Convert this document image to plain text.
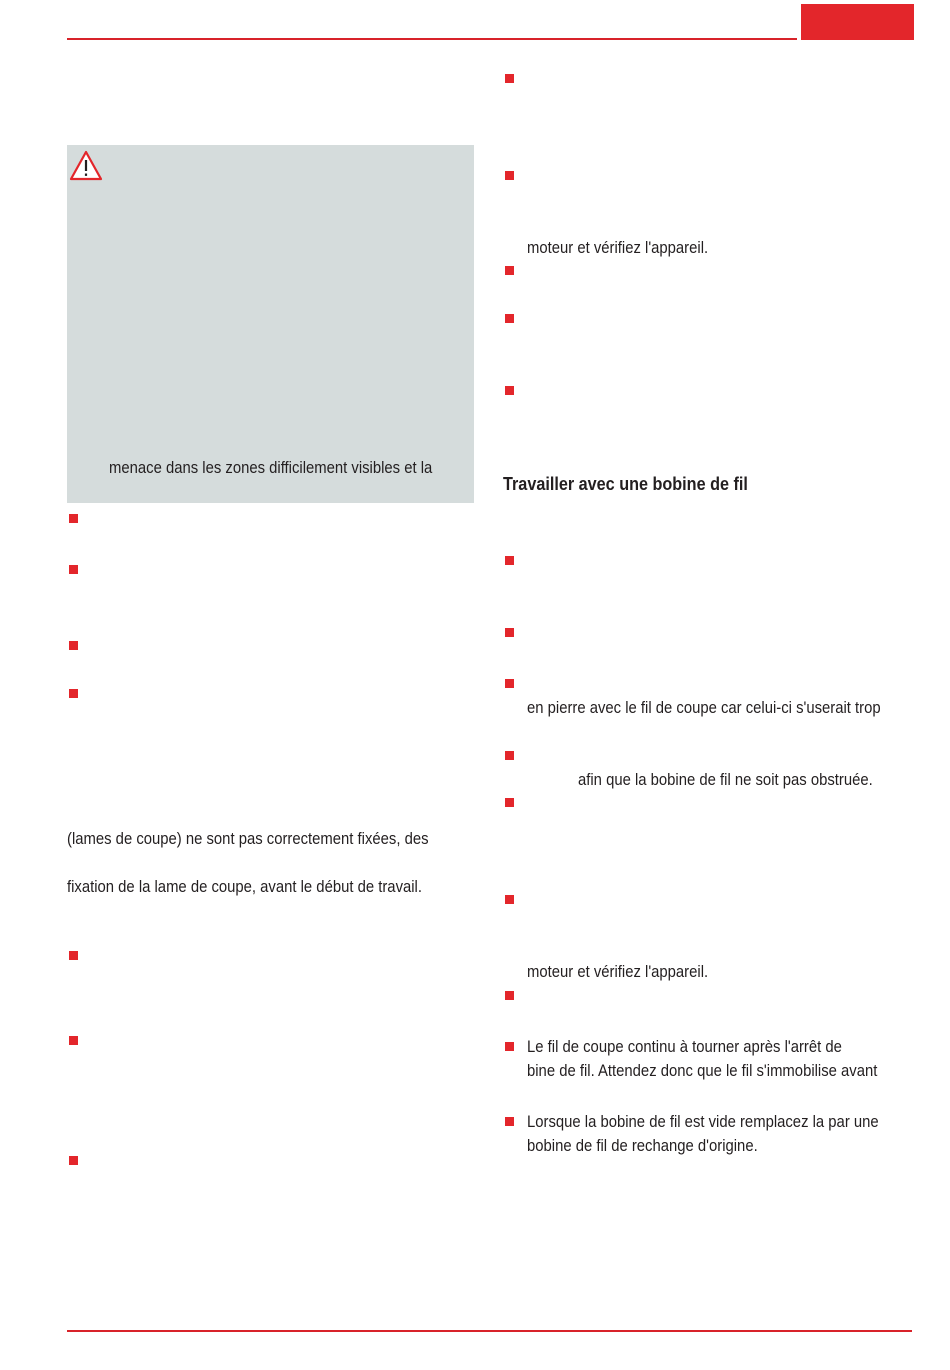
menace dans les zones difficilement visibles et la
(lames de coupe) ne sont pas correctement fixées, des
fixation de la lame de coupe, avant le début de travail.
moteur et vérifiez l'appareil.
Travailler avec une bobine de fil
en pierre avec le fil de coupe car celui-ci s'userait trop
afin que la bobine de fil ne soit pas obstruée.
moteur et vérifiez l'appareil.
Le fil de coupe continu à tourner après l'arrêt de
bine de fil. Attendez donc que le fil s'immobilise avant
Lorsque la bobine de fil est vide remplacez la par une
bobine de fil de rechange d'origine.
